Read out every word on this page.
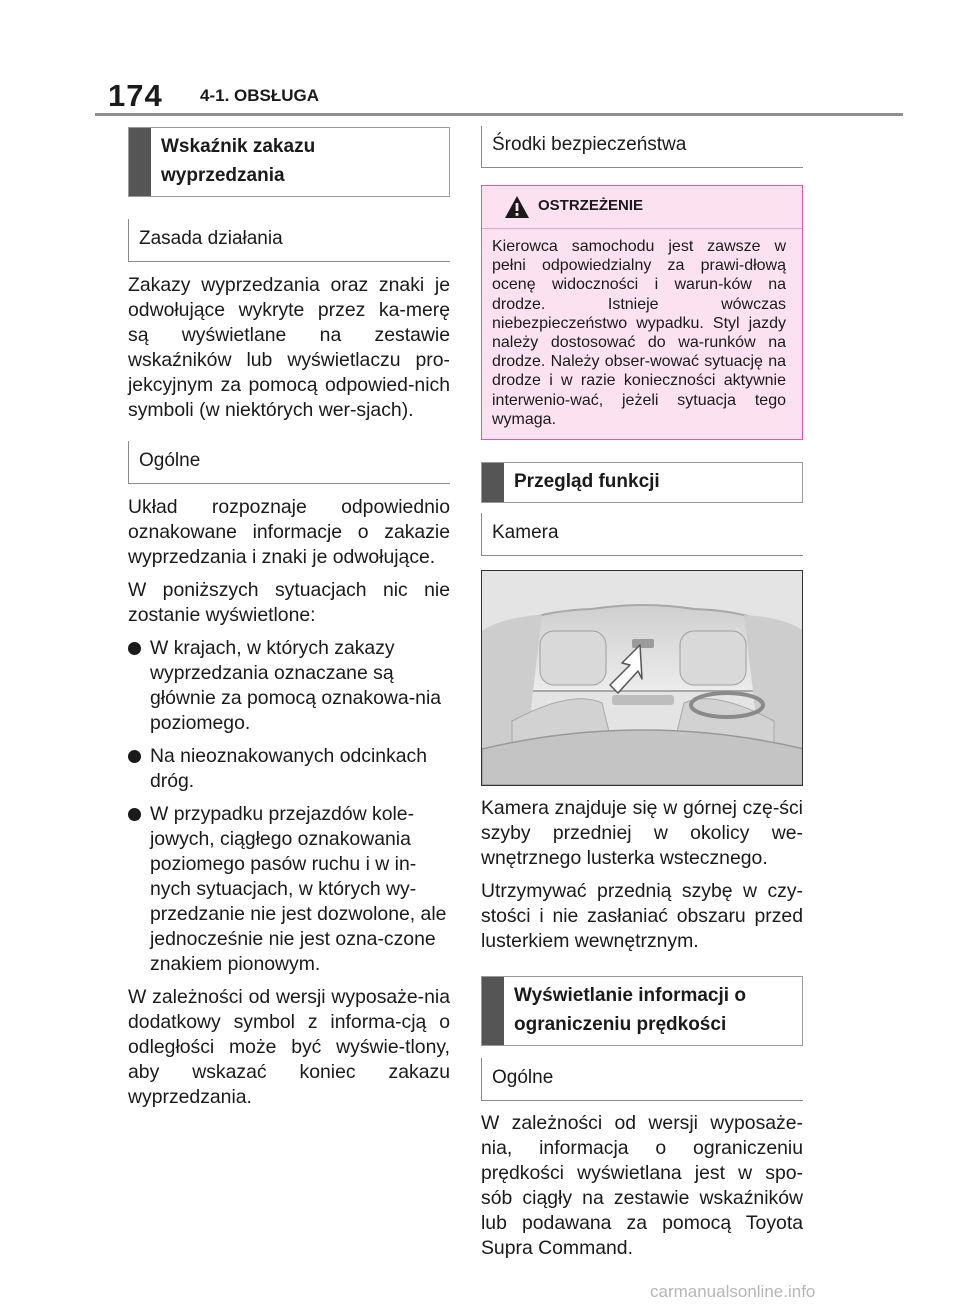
174 4-1. OBSŁUGA
Wskaźnik zakazu wyprzedzania
Zasada działania
Zakazy wyprzedzania oraz znaki je odwołujące wykryte przez ka-merę są wyświetlane na zestawie wskaźników lub wyświetlaczu pro-jekcyjnym za pomocą odpowied-nich symboli (w niektórych wer-sjach).
Ogólne
Układ rozpoznaje odpowiednio oznakowane informacje o zakazie wyprzedzania i znaki je odwołujące.
W poniższych sytuacjach nic nie zostanie wyświetlone:
W krajach, w których zakazy wyprzedzania oznaczane są głównie za pomocą oznakowa-nia poziomego.
Na nieoznakowanych odcinkach dróg.
W przypadku przejazdów kole-jowych, ciągłego oznakowania poziomego pasów ruchu i w in-nych sytuacjach, w których wy-przedzanie nie jest dozwolone, ale jednocześnie nie jest ozna-czone znakiem pionowym.
W zależności od wersji wyposaże-nia dodatkowy symbol z informa-cją o odległości może być wyświe-tlony, aby wskazać koniec zakazu wyprzedzania.
Środki bezpieczeństwa
OSTRZEŻENIE
Kierowca samochodu jest zawsze w pełni odpowiedzialny za prawi-dłową ocenę widoczności i warun-ków na drodze. Istnieje wówczas niebezpieczeństwo wypadku. Styl jazdy należy dostosować do wa-runków na drodze. Należy obser-wować sytuację na drodze i w razie konieczności aktywnie interwenio-wać, jeżeli sytuacja tego wymaga.
Przegląd funkcji
Kamera
Kamera znajduje się w górnej czę-ści szyby przedniej w okolicy we-wnętrznego lusterka wstecznego.
Utrzymywać przednią szybę w czy-stości i nie zasłaniać obszaru przed lusterkiem wewnętrznym.
Wyświetlanie informacji o ograniczeniu prędkości
Ogólne
W zależności od wersji wyposaże-nia, informacja o ograniczeniu prędkości wyświetlana jest w spo-sób ciągły na zestawie wskaźników lub podawana za pomocą Toyota Supra Command.
carmanualsonline.info
